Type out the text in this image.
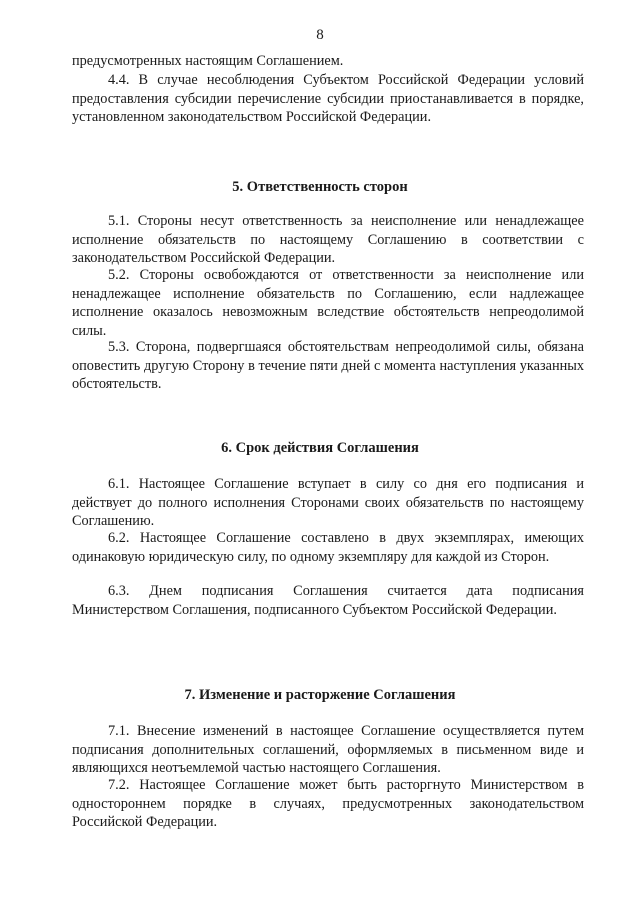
8

предусмотренных настоящим Соглашением.

4.4. В случае несоблюдения Субъектом Российской Федерации условий предоставления субсидии перечисление субсидии приостанавливается в порядке, установленном законодательством Российской Федерации.

5. Ответственность сторон

5.1. Стороны несут ответственность за неисполнение или ненадлежащее исполнение обязательств по настоящему Соглашению в соответствии с законодательством Российской Федерации.

5.2. Стороны освобождаются от ответственности за неисполнение или ненадлежащее исполнение обязательств по Соглашению, если надлежащее исполнение оказалось невозможным вследствие обстоятельств непреодолимой силы.

5.3. Сторона, подвергшаяся обстоятельствам непреодолимой силы, обязана оповестить другую Сторону в течение пяти дней с момента наступления указанных обстоятельств.

6. Срок действия Соглашения

6.1. Настоящее Соглашение вступает в силу со дня его подписания и действует до полного исполнения Сторонами своих обязательств по настоящему Соглашению.

6.2. Настоящее Соглашение составлено в двух экземплярах, имеющих одинаковую юридическую силу, по одному экземпляру для каждой из Сторон.

6.3. Днем подписания Соглашения считается дата подписания Министерством Соглашения, подписанного Субъектом Российской Федерации.

7. Изменение и расторжение Соглашения

7.1. Внесение изменений в настоящее Соглашение осуществляется путем подписания дополнительных соглашений, оформляемых в письменном виде и являющихся неотъемлемой частью настоящего Соглашения.

7.2. Настоящее Соглашение может быть расторгнуто Министерством в одностороннем порядке в случаях, предусмотренных законодательством Российской Федерации.
